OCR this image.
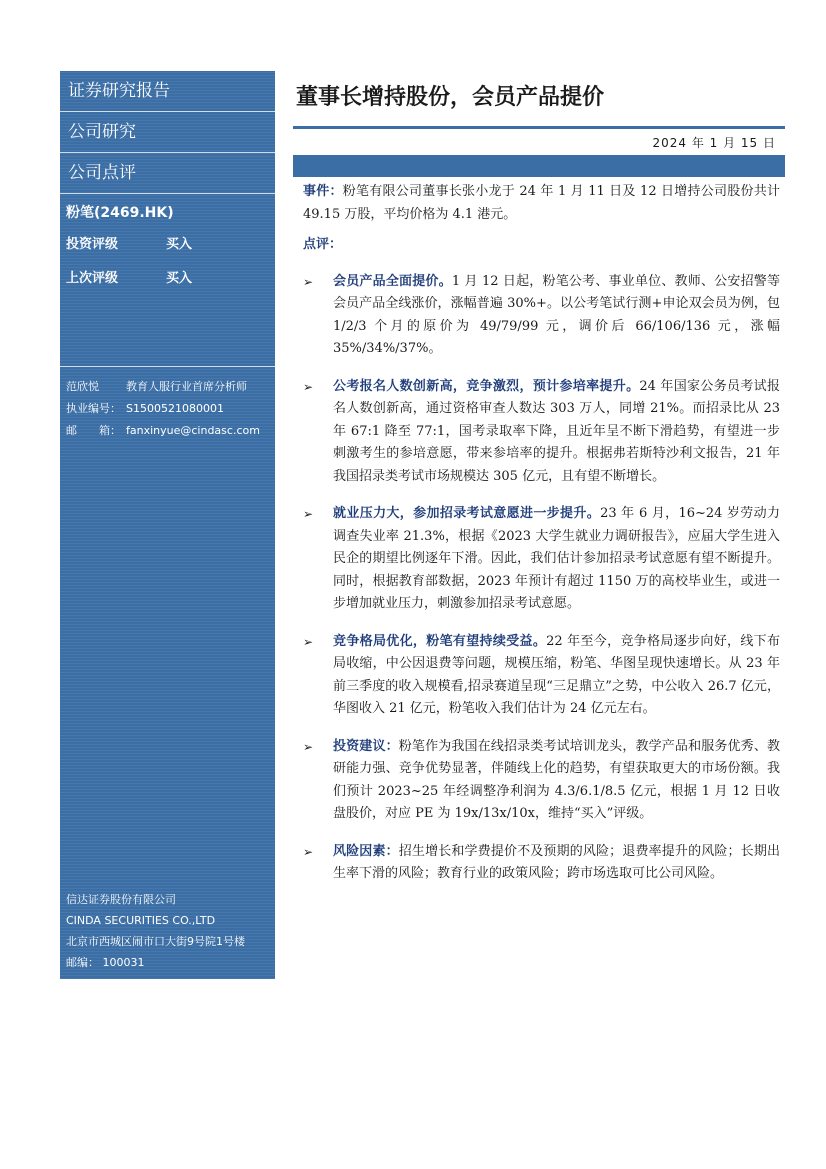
证券研究报告
公司研究
公司点评
粉笔(2469.HK)
投资评级	买入
上次评级	买入
范欣悦	教育人服行业首席分析师
执业编号： S1500521080001
邮　　箱： fanxinyue@cindasc.com
信达证券股份有限公司
CINDA SECURITIES CO.,LTD
北京市西城区闹市口大街9号院1号楼
邮编： 100031
董事长增持股份，会员产品提价
2024 年 1 月 15 日

事件：粉笔有限公司董事长张小龙于 24 年 1 月 11 日及 12 日增持公司股份共计 49.15 万股，平均价格为 4.1 港元。

点评：

➢	会员产品全面提价。1 月 12 日起，粉笔公考、事业单位、教师、公安招警等会员产品全线涨价，涨幅普遍 30%+。以公考笔试行测+申论双会员为例，包 1/2/3 个月的原价为 49/79/99 元，调价后 66/106/136 元，涨幅 35%/34%/37%。

➢	公考报名人数创新高，竞争激烈，预计参培率提升。24 年国家公务员考试报名人数创新高，通过资格审查人数达 303 万人，同增 21%。而招录比从 23 年 67:1 降至 77:1，国考录取率下降，且近年呈不断下滑趋势，有望进一步刺激考生的参培意愿，带来参培率的提升。根据弗若斯特沙利文报告，21 年我国招录类考试市场规模达 305 亿元，且有望不断增长。

➢	就业压力大，参加招录考试意愿进一步提升。23 年 6 月，16~24 岁劳动力调查失业率 21.3%，根据《2023 大学生就业力调研报告》，应届大学生进入民企的期望比例逐年下滑。因此，我们估计参加招录考试意愿有望不断提升。同时，根据教育部数据，2023 年预计有超过 1150 万的高校毕业生，或进一步增加就业压力，刺激参加招录考试意愿。

➢	竞争格局优化，粉笔有望持续受益。22 年至今，竞争格局逐步向好，线下布局收缩，中公因退费等问题，规模压缩，粉笔、华图呈现快速增长。从 23 年前三季度的收入规模看,招录赛道呈现“三足鼎立”之势，中公收入 26.7 亿元，华图收入 21 亿元，粉笔收入我们估计为 24 亿元左右。

➢	投资建议：粉笔作为我国在线招录类考试培训龙头，教学产品和服务优秀、教研能力强、竞争优势显著，伴随线上化的趋势，有望获取更大的市场份额。我们预计 2023~25 年经调整净利润为 4.3/6.1/8.5 亿元，根据 1 月 12 日收盘股价，对应 PE 为 19x/13x/10x，维持“买入”评级。

➢	风险因素：招生增长和学费提价不及预期的风险；退费率提升的风险；长期出生率下滑的风险；教育行业的政策风险；跨市场选取可比公司风险。
